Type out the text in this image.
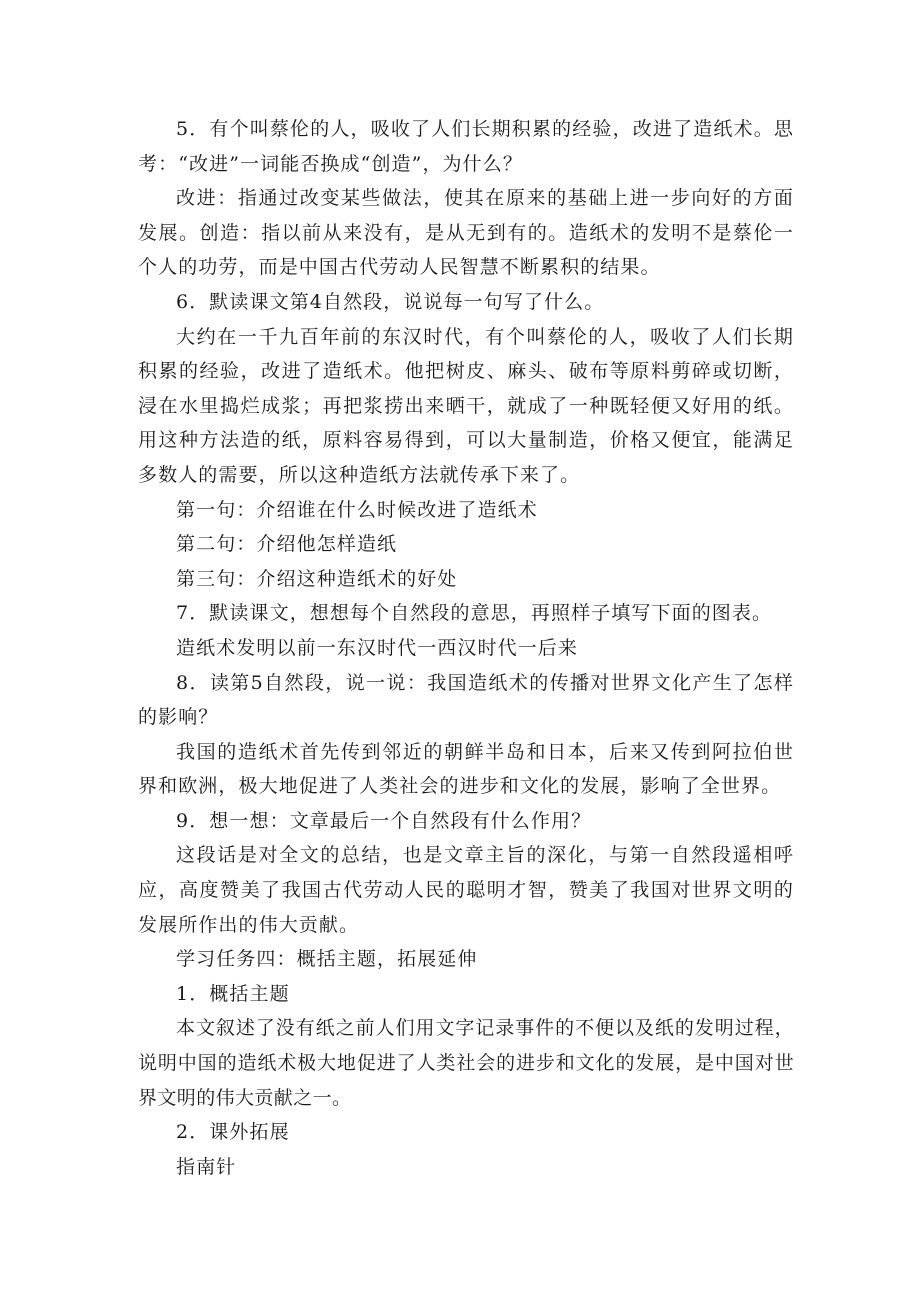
5．有个叫蔡伦的人，吸收了人们长期积累的经验，改进了造纸术。思考：“改进”一词能否换成“创造”，为什么？

改进：指通过改变某些做法，使其在原来的基础上进一步向好的方面发展。创造：指以前从来没有，是从无到有的。造纸术的发明不是蔡伦一个人的功劳，而是中国古代劳动人民智慧不断累积的结果。

6．默读课文第4自然段，说说每一句写了什么。

大约在一千九百年前的东汉时代，有个叫蔡伦的人，吸收了人们长期积累的经验，改进了造纸术。他把树皮、麻头、破布等原料剪碎或切断，浸在水里捣烂成浆；再把浆捞出来晒干，就成了一种既轻便又好用的纸。用这种方法造的纸，原料容易得到，可以大量制造，价格又便宜，能满足多数人的需要，所以这种造纸方法就传承下来了。

第一句：介绍谁在什么时候改进了造纸术

第二句：介绍他怎样造纸

第三句：介绍这种造纸术的好处

7．默读课文，想想每个自然段的意思，再照样子填写下面的图表。

造纸术发明以前一东汉时代一西汉时代一后来

8．读第5自然段，说一说：我国造纸术的传播对世界文化产生了怎样的影响？

我国的造纸术首先传到邻近的朝鲜半岛和日本，后来又传到阿拉伯世界和欧洲，极大地促进了人类社会的进步和文化的发展，影响了全世界。

9．想一想：文章最后一个自然段有什么作用？

这段话是对全文的总结，也是文章主旨的深化，与第一自然段遥相呼应，高度赞美了我国古代劳动人民的聪明才智，赞美了我国对世界文明的发展所作出的伟大贡献。

学习任务四：概括主题，拓展延伸

1．概括主题

本文叙述了没有纸之前人们用文字记录事件的不便以及纸的发明过程，说明中国的造纸术极大地促进了人类社会的进步和文化的发展，是中国对世界文明的伟大贡献之一。

2．课外拓展

指南针
